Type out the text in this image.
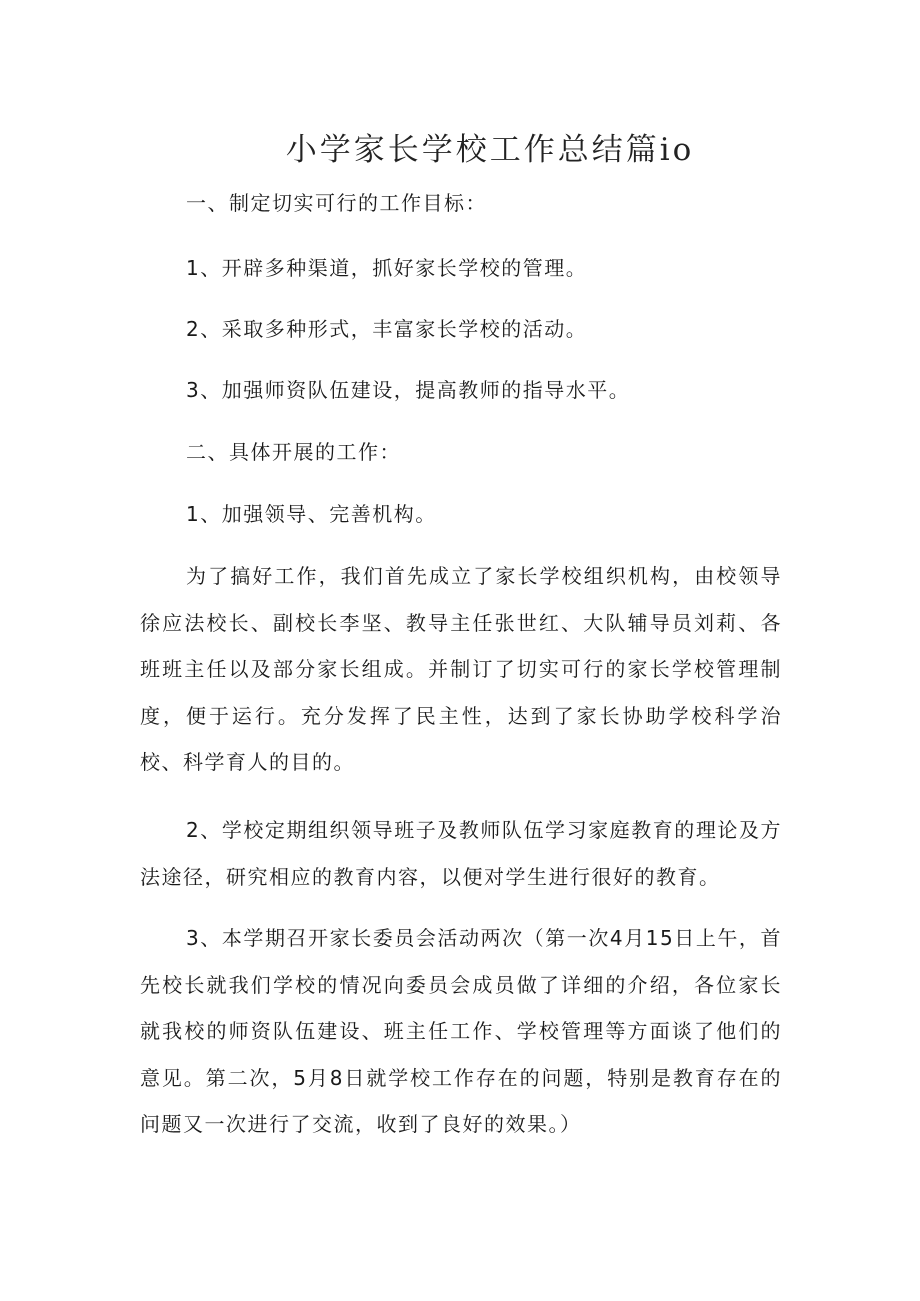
小学家长学校工作总结篇io

一、制定切实可行的工作目标：

1、开辟多种渠道，抓好家长学校的管理。

2、采取多种形式，丰富家长学校的活动。

3、加强师资队伍建设，提高教师的指导水平。

二、具体开展的工作：

1、加强领导、完善机构。

为了搞好工作，我们首先成立了家长学校组织机构，由校领导徐应法校长、副校长李坚、教导主任张世红、大队辅导员刘莉、各班班主任以及部分家长组成。并制订了切实可行的家长学校管理制度，便于运行。充分发挥了民主性，达到了家长协助学校科学治校、科学育人的目的。

2、学校定期组织领导班子及教师队伍学习家庭教育的理论及方法途径，研究相应的教育内容，以便对学生进行很好的教育。

3、本学期召开家长委员会活动两次（第一次4月15日上午，首先校长就我们学校的情况向委员会成员做了详细的介绍，各位家长就我校的师资队伍建设、班主任工作、学校管理等方面谈了他们的意见。第二次，5月8日就学校工作存在的问题，特别是教育存在的问题又一次进行了交流，收到了良好的效果。）
